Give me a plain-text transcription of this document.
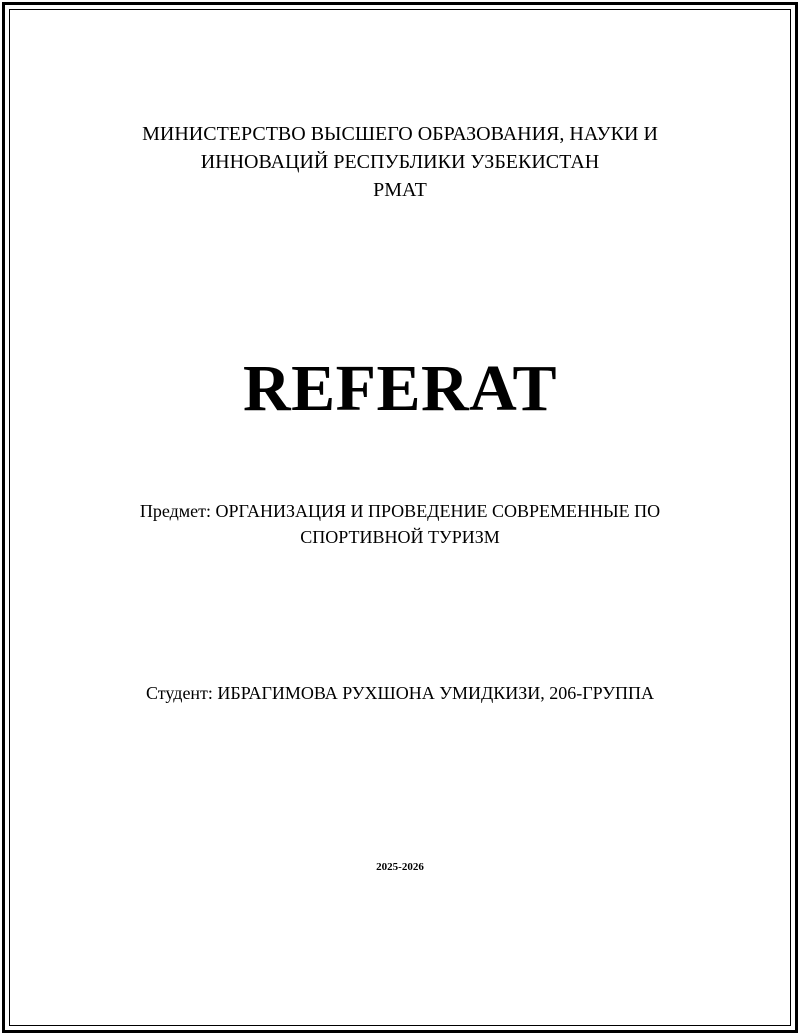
МИНИСТЕРСТВО ВЫСШЕГО ОБРАЗОВАНИЯ, НАУКИ И
ИННОВАЦИЙ РЕСПУБЛИКИ УЗБЕКИСТАН
РМАТ
REFERAT
Предмет: ОРГАНИЗАЦИЯ И ПРОВЕДЕНИЕ СОВРЕМЕННЫЕ ПО
СПОРТИВНОЙ ТУРИЗМ
Студент: ИБРАГИМОВА РУХШОНА УМИДКИЗИ, 206-ГРУППА
2025-2026
